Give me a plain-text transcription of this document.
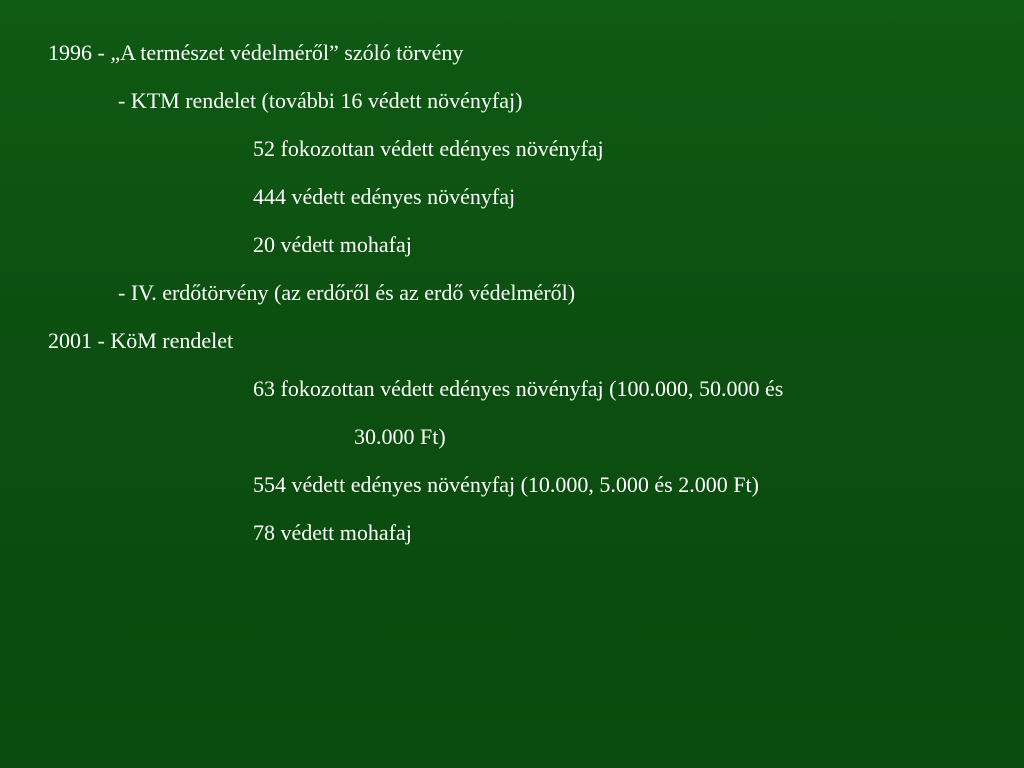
1996 - „A természet védelméről” szóló törvény
- KTM rendelet (további 16 védett növényfaj)
52 fokozottan védett edényes növényfaj
444 védett edényes növényfaj
20 védett mohafaj
- IV. erdőtörvény (az erdőről és az erdő védelméről)
2001 - KöM rendelet
63 fokozottan védett edényes növényfaj (100.000, 50.000 és
30.000 Ft)
554 védett edényes növényfaj (10.000, 5.000 és 2.000 Ft)
78 védett mohafaj
